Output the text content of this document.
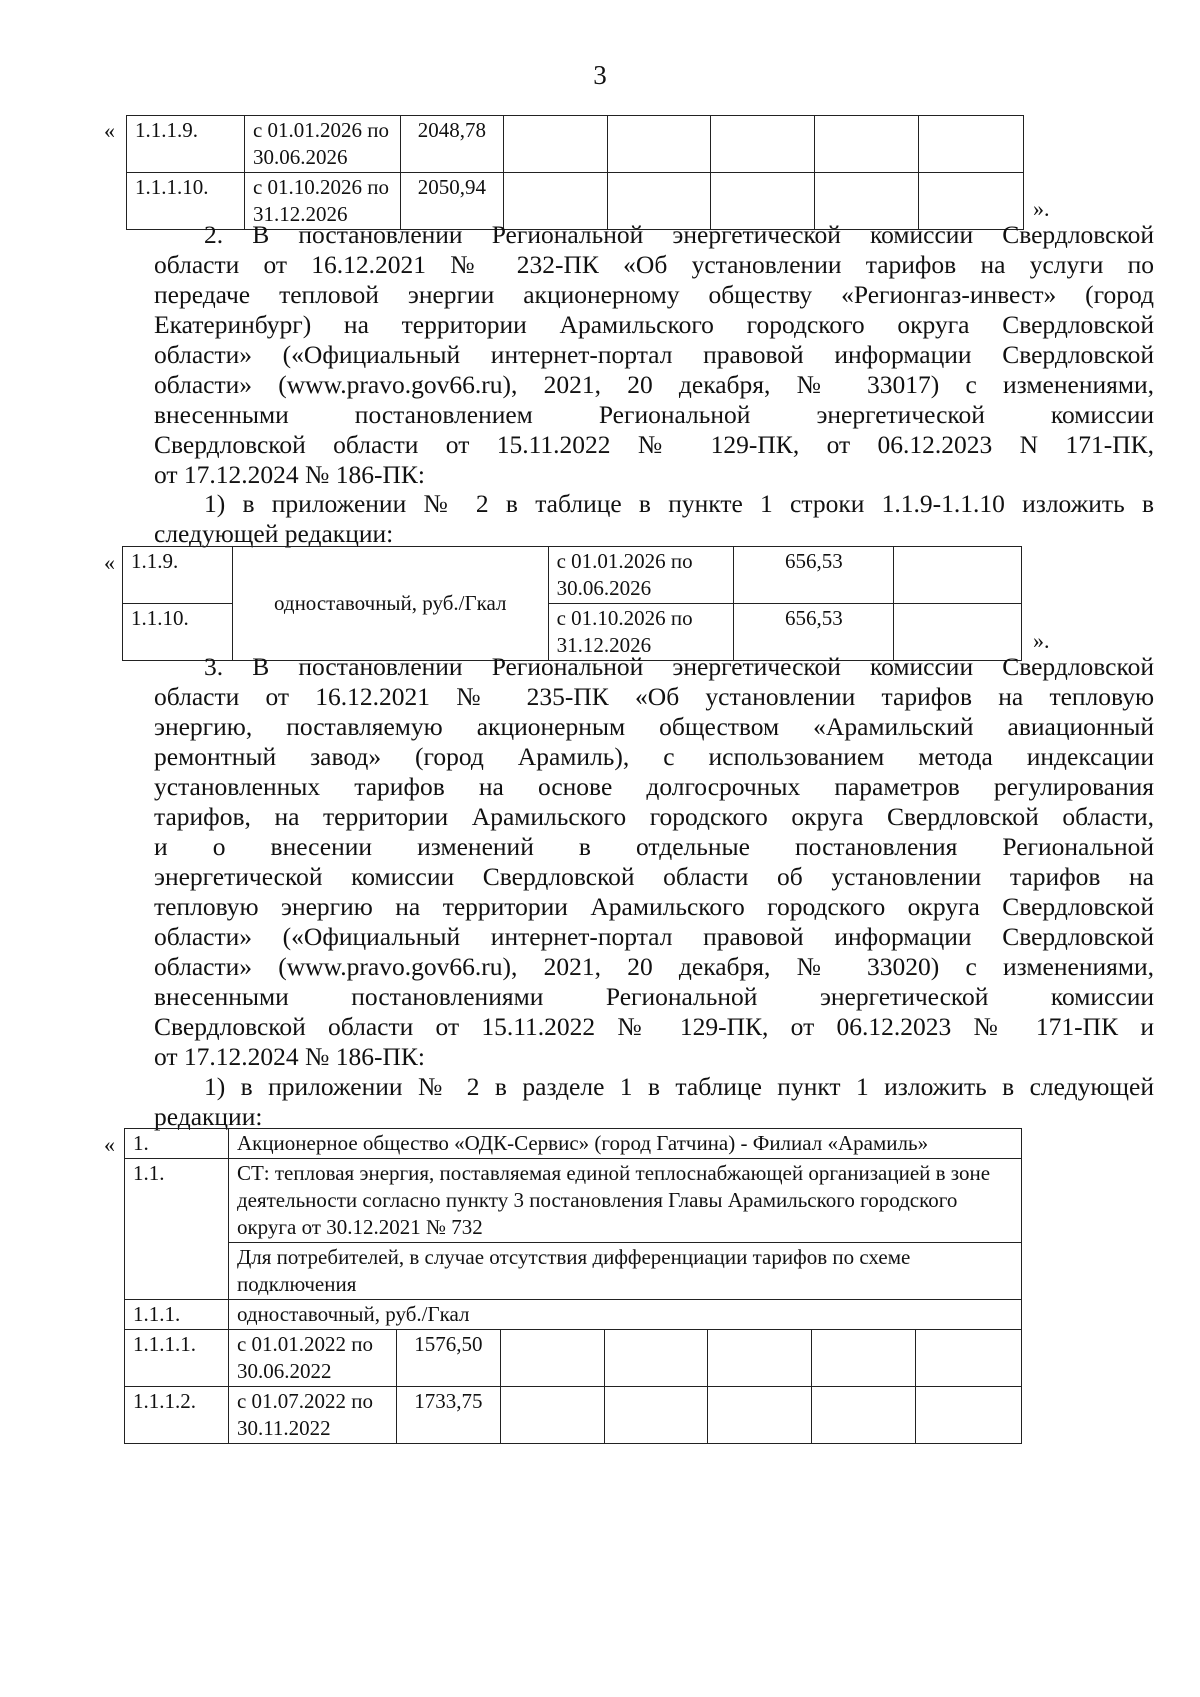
3
« 1.1.1.9.	с 01.01.2026 по 30.06.2026	2048,78					
1.1.1.10.	с 01.10.2026 по 31.12.2026	2050,94					
».
2. В постановлении Региональной энергетической комиссии Свердловской
области от 16.12.2021 № 232-ПК «Об установлении тарифов на услуги по
передаче тепловой энергии акционерному обществу «Регионгаз-инвест» (город
Екатеринбург) на территории Арамильского городского округа Свердловской
области» («Официальный интернет-портал правовой информации Свердловской
области» (www.pravo.gov66.ru), 2021, 20 декабря, № 33017) с изменениями,
внесенными постановлением Региональной энергетической комиссии
Свердловской области от 15.11.2022 № 129-ПК, от 06.12.2023 N 171-ПК,
от 17.12.2024 № 186-ПК:
1) в приложении № 2 в таблице в пункте 1 строки 1.1.9-1.1.10 изложить в
следующей редакции:
« 1.1.9.	одноставочный, руб./Гкал	с 01.01.2026 по 30.06.2026	656,53	
1.1.10.		с 01.10.2026 по 31.12.2026	656,53	
».
3. В постановлении Региональной энергетической комиссии Свердловской
области от 16.12.2021 № 235-ПК «Об установлении тарифов на тепловую
энергию, поставляемую акционерным обществом «Арамильский авиационный
ремонтный завод» (город Арамиль), с использованием метода индексации
установленных тарифов на основе долгосрочных параметров регулирования
тарифов, на территории Арамильского городского округа Свердловской области,
и о внесении изменений в отдельные постановления Региональной
энергетической комиссии Свердловской области об установлении тарифов на
тепловую энергию на территории Арамильского городского округа Свердловской
области» («Официальный интернет-портал правовой информации Свердловской
области» (www.pravo.gov66.ru), 2021, 20 декабря, № 33020) с изменениями,
внесенными постановлениями Региональной энергетической комиссии
Свердловской области от 15.11.2022 № 129-ПК, от 06.12.2023 № 171-ПК и
от 17.12.2024 № 186-ПК:
1) в приложении № 2 в разделе 1 в таблице пункт 1 изложить в следующей
редакции:
« 1.	Акционерное общество «ОДК-Сервис» (город Гатчина) - Филиал «Арамиль»						
1.1.	СТ: тепловая энергия, поставляемая единой теплоснабжающей организацией в зоне деятельности согласно пункту 3 постановления Главы Арамильского городского округа от 30.12.2021 № 732						
	Для потребителей, в случае отсутствия дифференциации тарифов по схеме подключения						
1.1.1.	одноставочный, руб./Гкал						
1.1.1.1.	с 01.01.2022 по 30.06.2022	1576,50					
1.1.1.2.	с 01.07.2022 по 30.11.2022	1733,75					
